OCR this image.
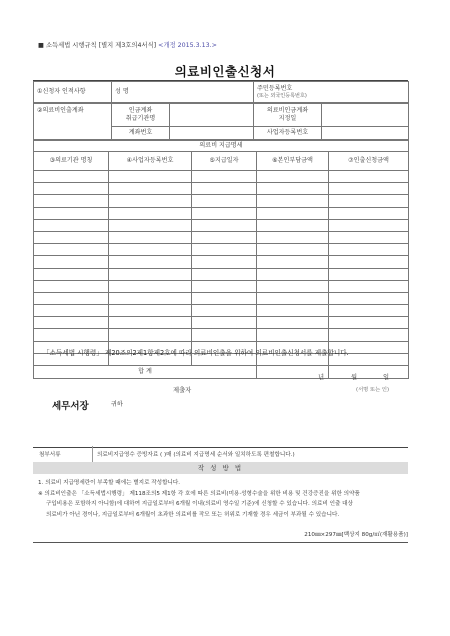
■ 소득세법 시행규칙 [별지 제3호의4서식] <개정 2015.3.13.>
의료비인출신청서
①신청자 인적사항	성 명	주민등록번호
(또는 외국인등록번호)
②의료비인출계좌	인금계좌
취급기관명		의료비인금계좌
지정일	
	계좌번호		사업자등록번호	
의료비 지급명세				
③의료기관 명칭	④사업자등록번호	⑤지급일자	⑥본인부담금액	⑦인출신청금액

합 계				
「소득세법 시행령」 제20조의2제1항제2호에 따라 의료비인출을 위하여 의료비인출신청서를 제출합니다.
년	월	일
제출자	(서명 또는 인)
세무서장	귀하
첨부서류	의료비지급영수 증빙자료 ( )매 (의료비 지급명세 순서와 일치하도록 편철합니다.)
작 성 방 법
1. 의료비 지급명세란이 부족할 때에는 별지로 작성합니다.
※ 의료비인출은 「소득세법시행령」 제118조의5 제1항 각 호에 따른 의료비(미용·성형수술을 위한 비용 및 건강증진을 위한 의약품
구입비용은 포함하지 아니함)에 대하여 지급일로부터 6개월 이내(의료비 영수일 기준)에 신청할 수 있습니다. 의료비 인출 대상
의료비가 아닌 경이나, 지급일로부터 6개월이 초과한 의료비를 작모 또는 허위로 기재할 경우 세금이 부과될 수 있습니다.
210㎜×297㎜[백상지 80g/㎡(재활용품)]
